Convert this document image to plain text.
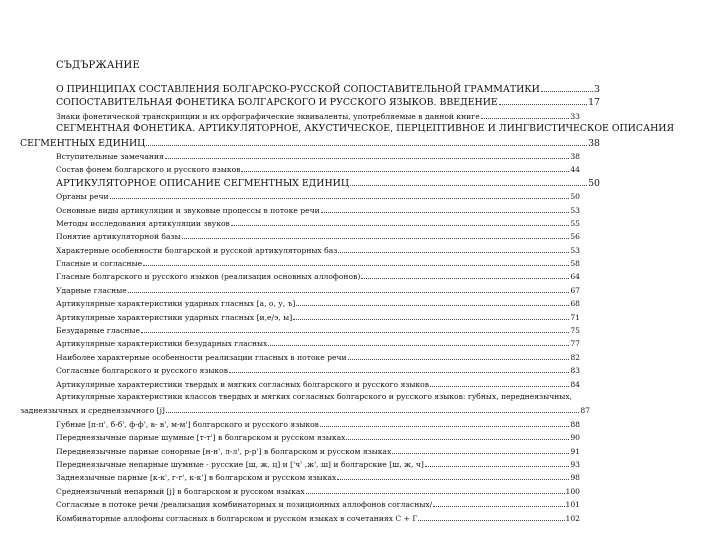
СЪДЪРЖАНИЕ
О ПРИНЦИПАХ СОСТАВЛЕНИЯ БОЛГАРСКО-РУССКОЙ СОПОСТАВИТЕЛЬНОЙ ГРАММАТИКИ	3
СОПОСТАВИТЕЛЬНАЯ ФОНЕТИКА БОЛГАРСКОГО И РУССКОГО ЯЗЫКОВ. ВВЕДЕНИЕ	17
Знаки фонетической транскрипции и их орфографические эквиваленты, употребляемые в данной книге	33
СЕГМЕНТНАЯ ФОНЕТИКА. АРТИКУЛЯТОРНОЕ, АКУСТИЧЕСКОЕ, ПЕРЦЕПТИВНОЕ И ЛИНГВИСТИЧЕСКОЕ ОПИСАНИЯ
СЕГМЕНТНЫХ ЕДИНИЦ	38
Вступительные замечания	38
Состав фонем болгарского и русского языков	44
АРТИКУЛЯТОРНОЕ ОПИСАНИЕ СЕГМЕНТНЫХ ЕДИНИЦ	50
Органы речи	50
Основные виды артикуляции и звуковые процессы в потоке речи	53
Методы исследования артикуляции звуков	55
Понятие артикуляторной базы	56
Характерные особенности болгарской и русской артикуляторных баз	53
Гласные и согласные	58
Гласные болгарского и русского языков (реализация основных аллофонов)	64
Ударные гласные	67
Артикулярные характеристики ударных гласных [а, о, у, ъ]	68
Артикулярные характеристики ударных гласных [и,е/э, ы]	71
Безударные гласные	75
Артикулярные характеристики безударных гласных	77
Наиболее характерные особенности реализации гласных в потоке речи	82
Согласные болгарского и русского языков	83
Артикулярные характеристики твердых и мягких согласных болгарского и русского языков	84
Артикулярные характеристики классов твердых и мягких согласных болгарского и русского языков: губных, переднеязычных,
заднеязычных и среднеязычного [j]	87
Губные [п-п', б-б', ф-ф', в- в', м-м'] болгарского и русского языков	88
Переднеязычные парные шумные [т-т'] в болгарском и русском языках	90
Переднеязычные парные сонорные [н-н', л-л', р-р'] в болгарском и русском языках	91
Переднеязычные непарные шумные - русские [ш, ж, ц] и ['ч' ,ж', ш] и болгарские [ш, ж, ч]	93
Заднеязычные парные [к-к', г-г', к-к'] в болгарском и русском языках	98
Среднеязычный непарный [j] в болгарском и русском языках	100
Согласные в потоке речи /реализация комбинаторных и позиционных аллофонов согласных/	101
Комбинаторные аллофоны согласных в болгарском и русском языках в сочетаниях С + Г	102
